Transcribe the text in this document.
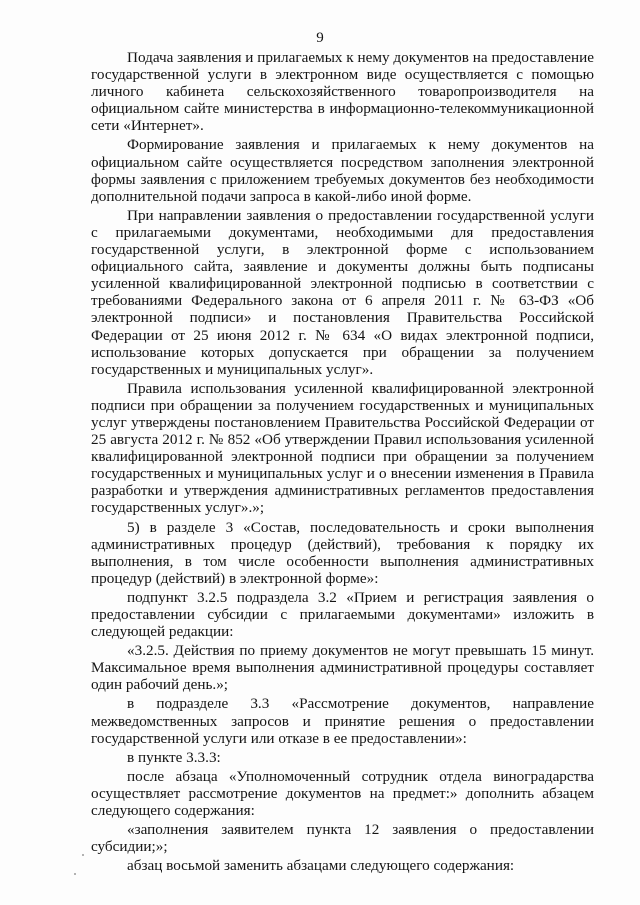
9

Подача заявления и прилагаемых к нему документов на предоставление государственной услуги в электронном виде осуществляется с помощью личного кабинета сельскохозяйственного товаропроизводителя на официальном сайте министерства в информационно-телекоммуникационной сети «Интернет».

Формирование заявления и прилагаемых к нему документов на официальном сайте осуществляется посредством заполнения электронной формы заявления с приложением требуемых документов без необходимости дополнительной подачи запроса в какой-либо иной форме.

При направлении заявления о предоставлении государственной услуги с прилагаемыми документами, необходимыми для предоставления государственной услуги, в электронной форме с использованием официального сайта, заявление и документы должны быть подписаны усиленной квалифицированной электронной подписью в соответствии с требованиями Федерального закона от 6 апреля 2011 г. № 63-ФЗ «Об электронной подписи» и постановления Правительства Российской Федерации от 25 июня 2012 г. № 634 «О видах электронной подписи, использование которых допускается при обращении за получением государственных и муниципальных услуг».

Правила использования усиленной квалифицированной электронной подписи при обращении за получением государственных и муниципальных услуг утверждены постановлением Правительства Российской Федерации от 25 августа 2012 г. № 852 «Об утверждении Правил использования усиленной квалифицированной электронной подписи при обращении за получением государственных и муниципальных услуг и о внесении изменения в Правила разработки и утверждения административных регламентов предоставления государственных услуг».»;

5) в разделе 3 «Состав, последовательность и сроки выполнения административных процедур (действий), требования к порядку их выполнения, в том числе особенности выполнения административных процедур (действий) в электронной форме»:

подпункт 3.2.5 подраздела 3.2 «Прием и регистрация заявления о предоставлении субсидии с прилагаемыми документами» изложить в следующей редакции:

«3.2.5. Действия по приему документов не могут превышать 15 минут. Максимальное время выполнения административной процедуры составляет один рабочий день.»;

в подразделе 3.3 «Рассмотрение документов, направление межведомственных запросов и принятие решения о предоставлении государственной услуги или отказе в ее предоставлении»:

в пункте 3.3.3:

после абзаца «Уполномоченный сотрудник отдела виноградарства осуществляет рассмотрение документов на предмет:» дополнить абзацем следующего содержания:

«заполнения заявителем пункта 12 заявления о предоставлении субсидии;»;

абзац восьмой заменить абзацами следующего содержания:
